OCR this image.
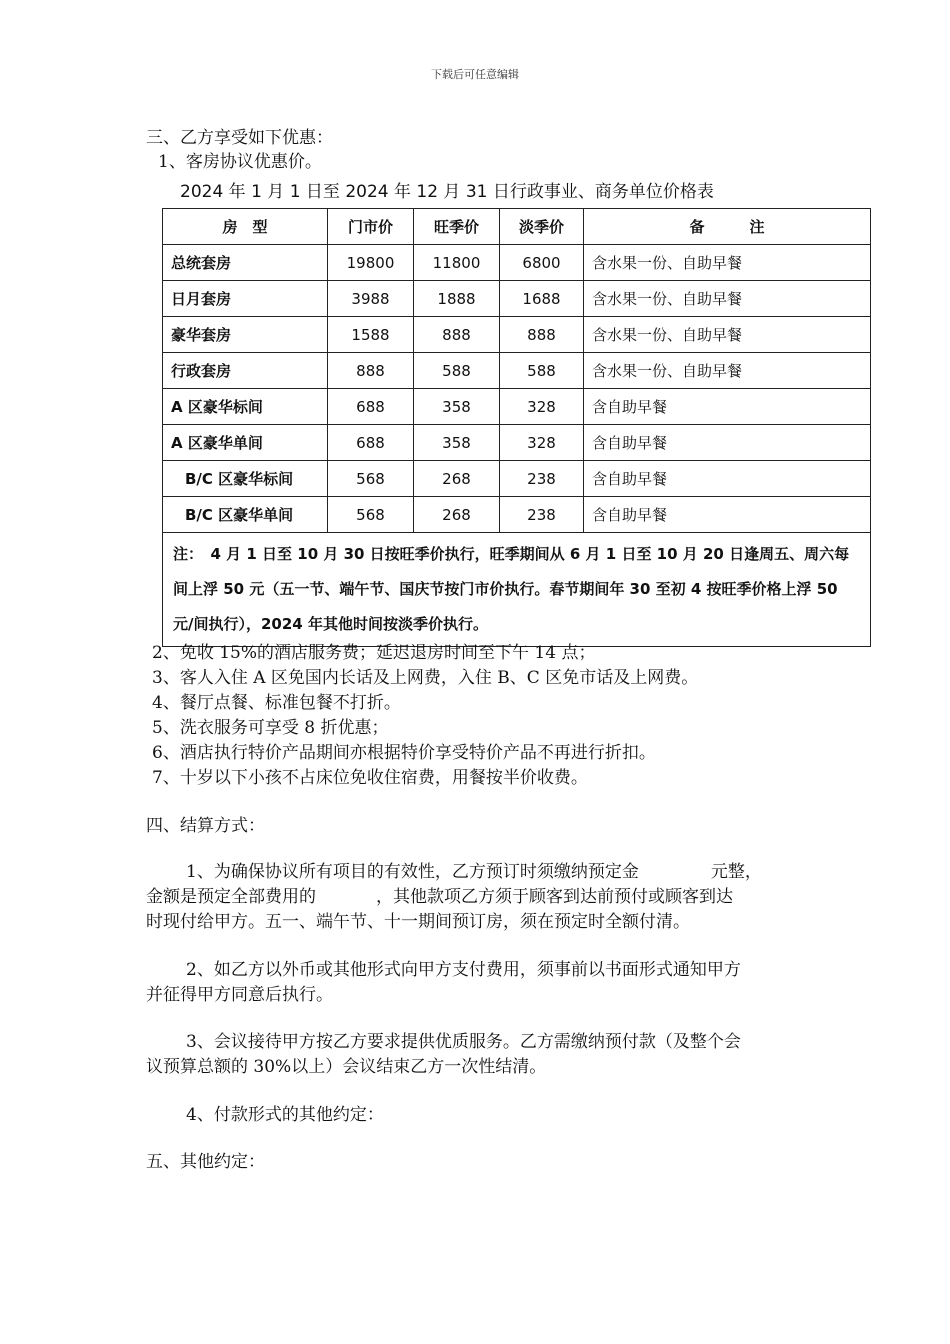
下载后可任意编辑
三、乙方享受如下优惠：
1、客房协议优惠价。
2024 年 1 月 1 日至 2024 年 12 月 31 日行政事业、商务单位价格表
房　型	门市价	旺季价	淡季价	备　　　注
总统套房	19800	11800	6800	含水果一份、自助早餐
日月套房	3988	1888	1688	含水果一份、自助早餐
豪华套房	1588	888	888	含水果一份、自助早餐
行政套房	888	588	588	含水果一份、自助早餐
A 区豪华标间	688	358	328	含自助早餐
A 区豪华单间	688	358	328	含自助早餐
B/C 区豪华标间	568	268	238	含自助早餐
B/C 区豪华单间	568	268	238	含自助早餐
注：　4 月 1 日至 10 月 30 日按旺季价执行，旺季期间从 6 月 1 日至 10 月 20 日逢周五、周六每间上浮 50 元（五一节、端午节、国庆节按门市价执行。春节期间年 30 至初 4 按旺季价格上浮 50 元/间执行），2024 年其他时间按淡季价执行。				
2、免收 15%的酒店服务费；延迟退房时间至下午 14 点；
3、客人入住 A 区免国内长话及上网费，入住 B、C 区免市话及上网费。
4、餐厅点餐、标准包餐不打折。
5、洗衣服务可享受 8 折优惠；
6、酒店执行特价产品期间亦根据特价享受特价产品不再进行折扣。
7、十岁以下小孩不占床位免收住宿费，用餐按半价收费。
四、结算方式：
1、为确保协议所有项目的有效性，乙方预订时须缴纳预定金	元整，
金额是预定全部费用的	，其他款项乙方须于顾客到达前预付或顾客到达
时现付给甲方。五一、端午节、十一期间预订房，须在预定时全额付清。
2、如乙方以外币或其他形式向甲方支付费用，须事前以书面形式通知甲方
并征得甲方同意后执行。
3、会议接待甲方按乙方要求提供优质服务。乙方需缴纳预付款（及整个会
议预算总额的 30%以上）会议结束乙方一次性结清。
4、付款形式的其他约定：
五、其他约定：
